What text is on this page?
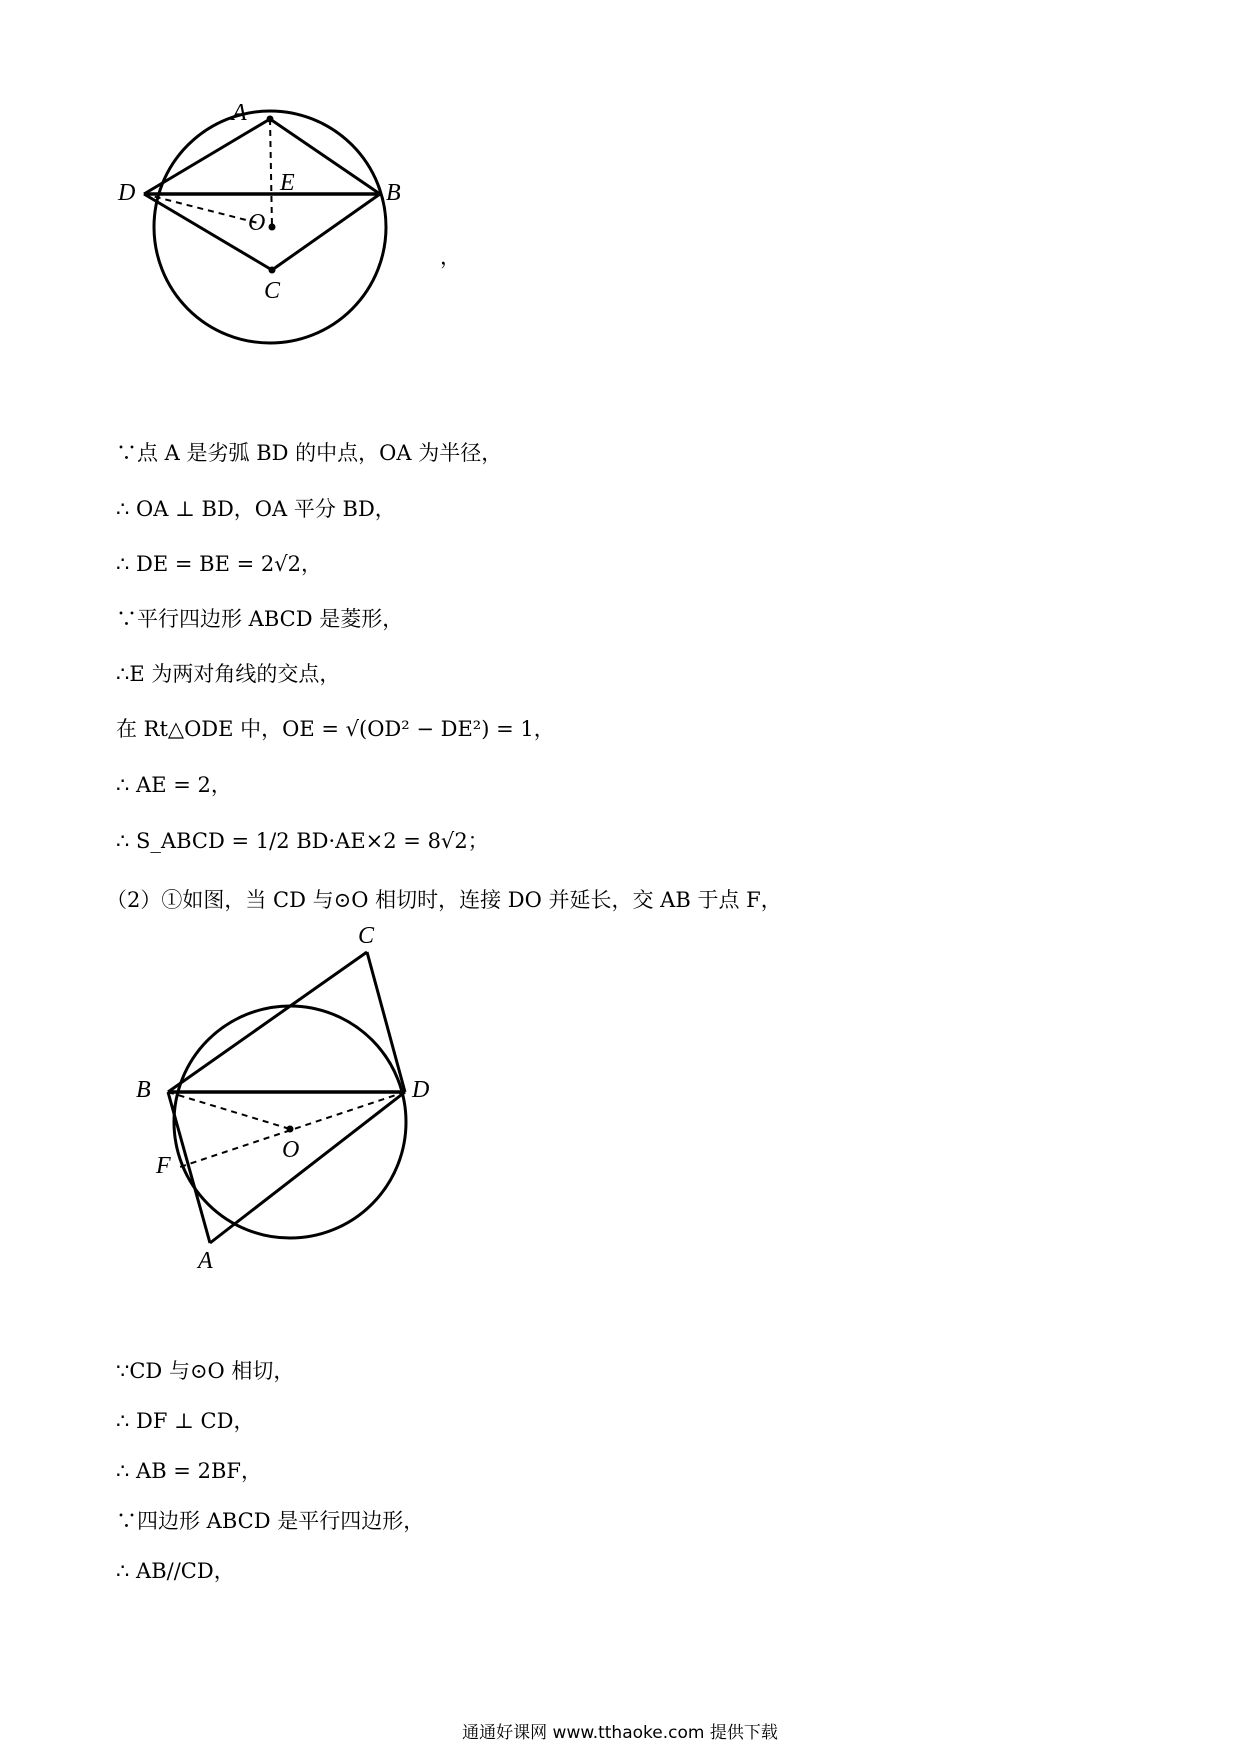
A
D	E	B
O
C
，
∵点 A 是劣弧 BD 的中点，OA 为半径，
∴ OA ⊥ BD，OA 平分 BD，
∴ DE = BE = 2√2，
∵平行四边形 ABCD 是菱形，
∴E 为两对角线的交点，
在 Rt△ODE 中，OE = √(OD² − DE²) = 1，
∴ AE = 2，
∴ S_ABCD = 1/2 BD·AE×2 = 8√2；
（2）①如图，当 CD 与⊙O 相切时，连接 DO 并延长，交 AB 于点 F，
C
B	D
O
F
A
∵CD 与⊙O 相切，
∴ DF ⊥ CD，
∴ AB = 2BF，
∵四边形 ABCD 是平行四边形，
∴ AB//CD，
通通好课网 www.tthaoke.com 提供下载
